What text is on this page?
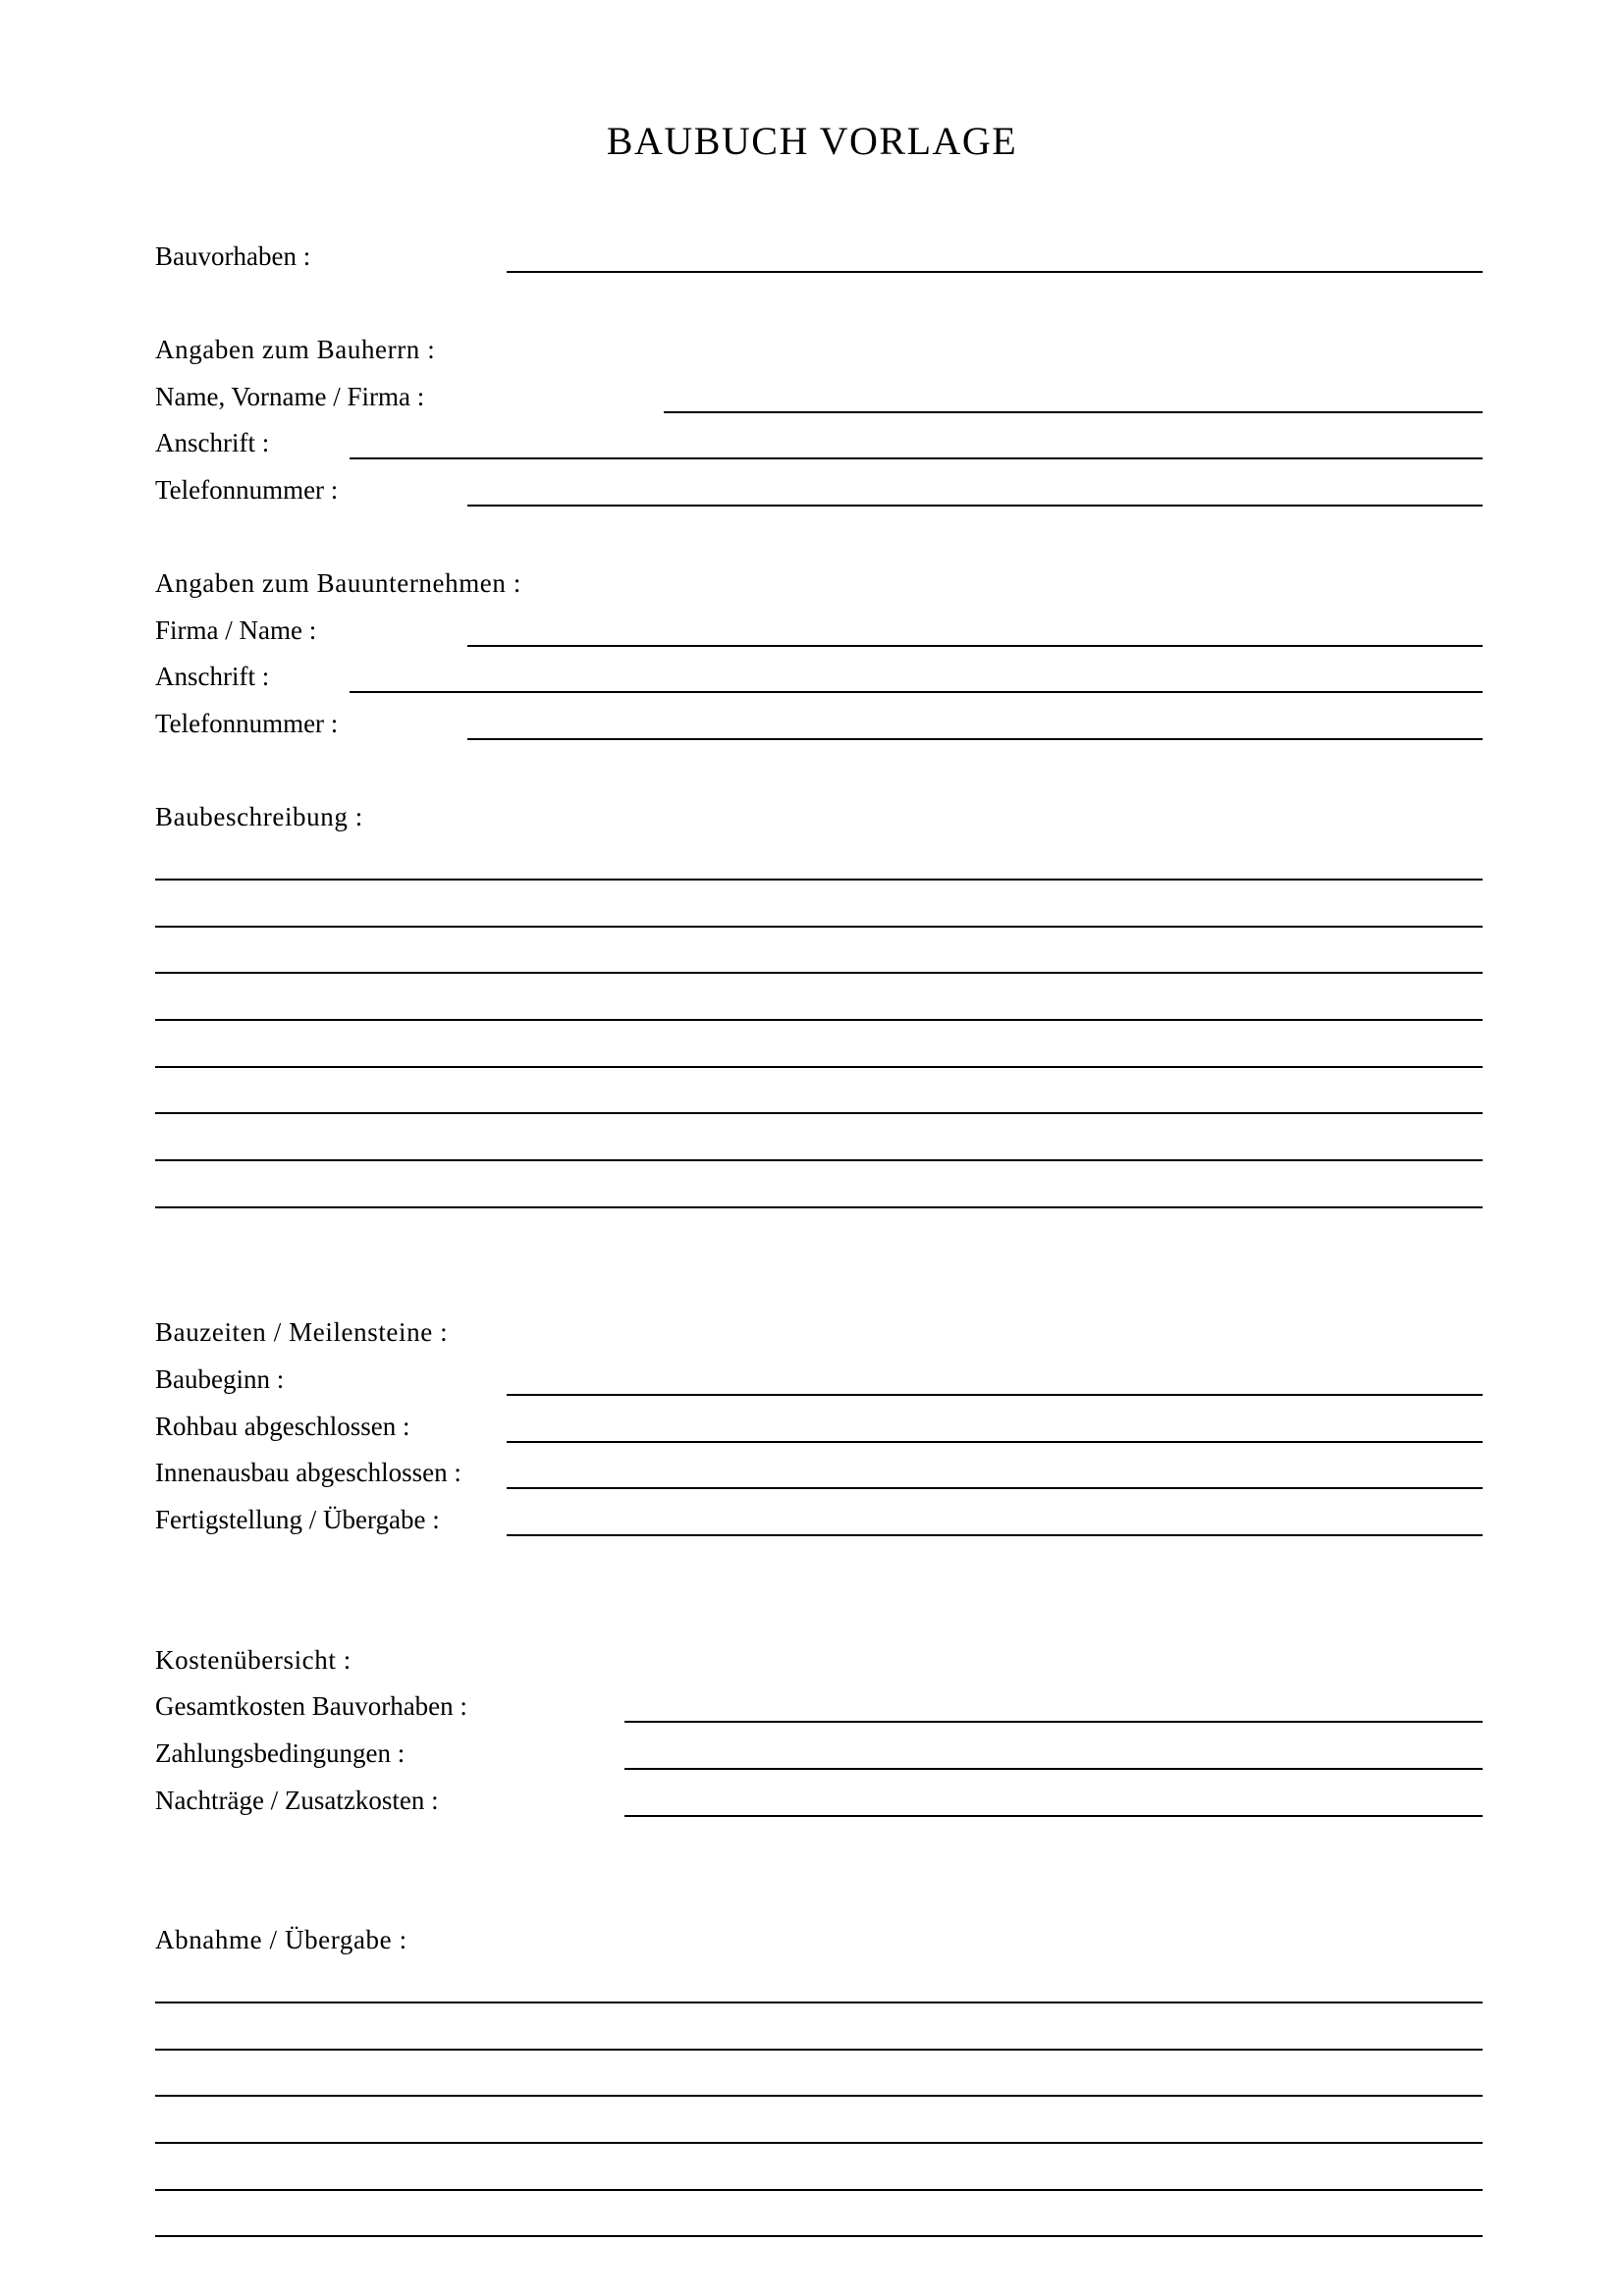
BAUBUCH VORLAGE
Bauvorhaben :
Angaben zum Bauherrn :
Name, Vorname / Firma :
Anschrift :
Telefonnummer :
Angaben zum Bauunternehmen :
Firma / Name :
Anschrift :
Telefonnummer :
Baubeschreibung :
Bauzeiten / Meilensteine :
Baubeginn :
Rohbau abgeschlossen :
Innenausbau abgeschlossen :
Fertigstellung / Übergabe :
Kostenübersicht :
Gesamtkosten Bauvorhaben :
Zahlungsbedingungen :
Nachträge / Zusatzkosten :
Abnahme / Übergabe :
